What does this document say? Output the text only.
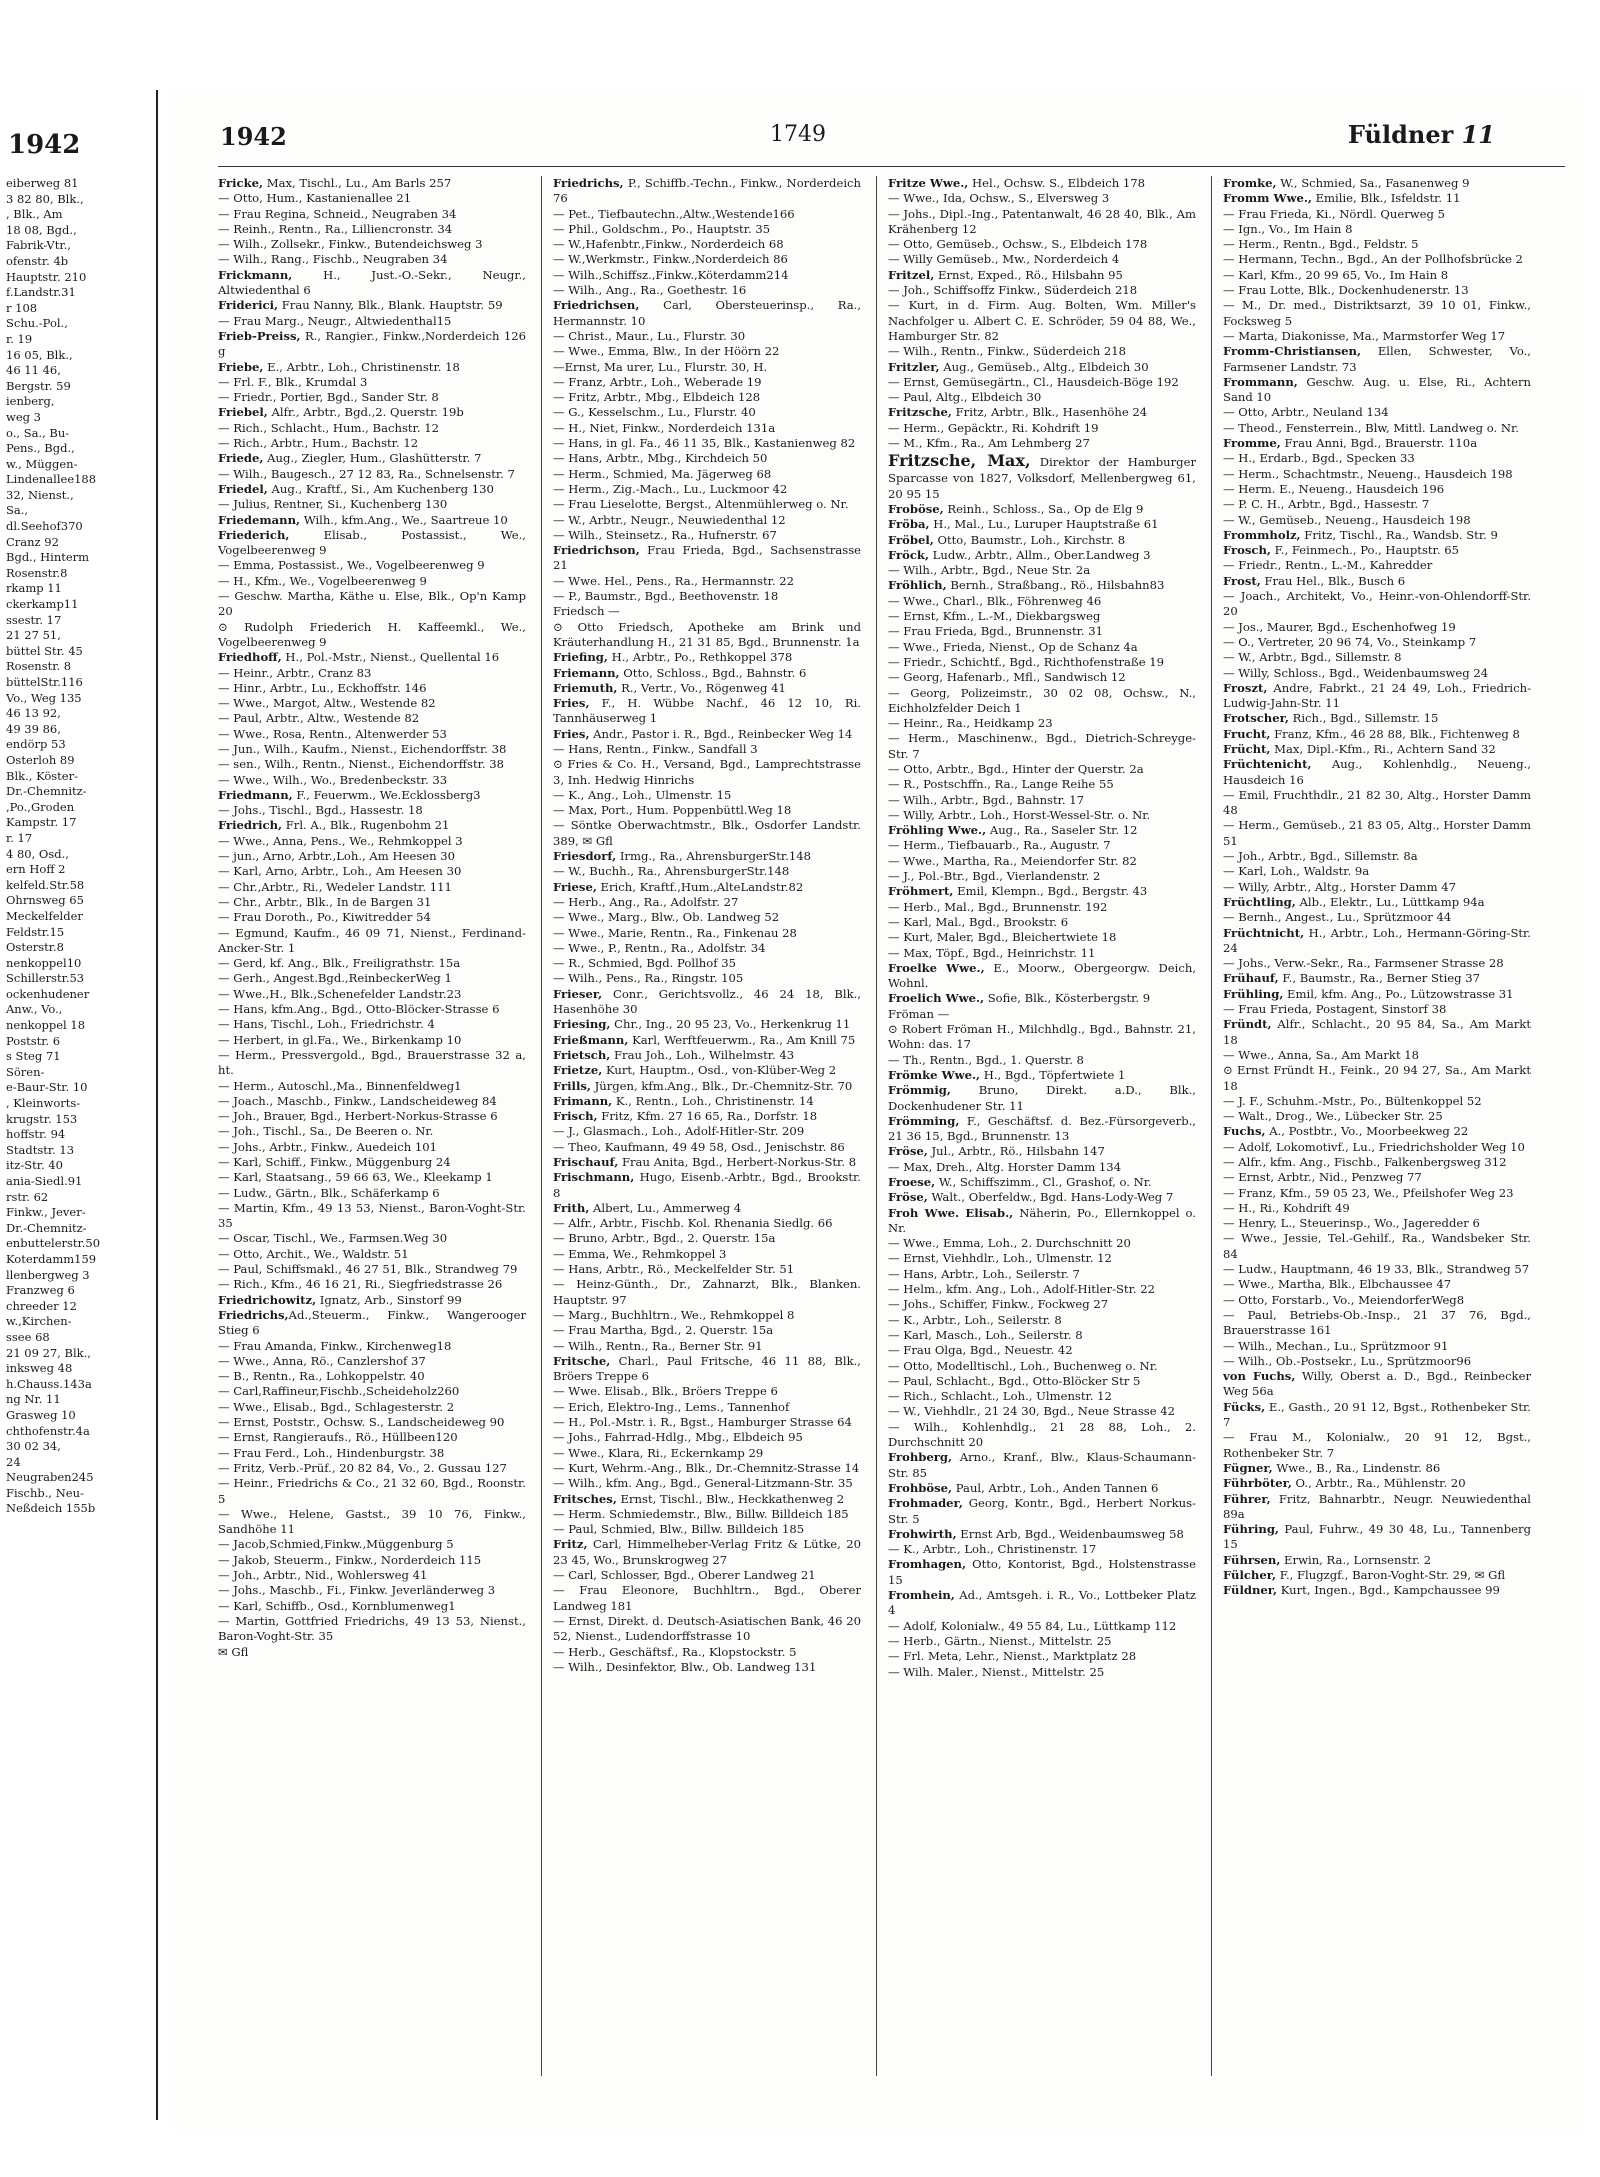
1942
eiberweg 81
3 82 80, Blk.,
, Blk., Am
18 08, Bgd.,
Fabrik-Vtr.,
ofenstr. 4b
Hauptstr. 210
f.Landstr.31
r 108
Schu.-Pol.,
r. 19
16 05, Blk.,
46 11 46,
Bergstr. 59
ienberg,
weg 3
o., Sa., Bu-
Pens., Bgd.,
w., Müggen-
Lindenallee188
32, Nienst.,
Sa.,
dl.Seehof370
Cranz 92
Bgd., Hinterm
Rosenstr.8
rkamp 11
ckerkamp11
ssestr. 17
21 27 51,
büttel Str. 45
Rosenstr. 8
büttelStr.116
Vo., Weg 135
46 13 92,
49 39 86,
endörp 53
Osterloh 89
Blk., Köster-
Dr.-Chemnitz-
,Po.,Groden
Kampstr. 17
r. 17
4 80, Osd.,
ern Hoff 2
kelfeld.Str.58
Ohrnsweg 65
Meckelfelder
Feldstr.15
Osterstr.8
nenkoppel10
Schillerstr.53
ockenhudener
Anw., Vo.,
nenkoppel 18
Poststr. 6
s Steg 71
Sören-
e-Baur-Str. 10
, Kleinworts-
krugstr. 153
hoffstr. 94
Stadtstr. 13
itz-Str. 40
ania-Siedl.91
rstr. 62
Finkw., Jever-
Dr.-Chemnitz-
enbuttelerstr.50
Koterdamm159
llenbergweg 3
Franzweg 6
chreeder 12
w.,Kirchen-
ssee 68
21 09 27, Blk.,
inksweg 48
h.Chauss.143a
ng Nr. 11
Grasweg 10
chthofenstr.4a
30 02 34,
24
Neugraben245
Fischb., Neu-
Neßdeich 155b
1942	1749	Füldner 11
Fricke, Max, Tischl., Lu., Am Barls 257
— Otto, Hum., Kastanienallee 21
— Frau Regina, Schneid., Neugraben 34
— Reinh., Rentn., Ra., Lilliencronstr. 34
— Wilh., Zollsekr., Finkw., Butendeichsweg 3
— Wilh., Rang., Fischb., Neugraben 34
Frickmann, H., Just.-O.-Sekr., Neugr., Altwiedenthal 6
Friderici, Frau Nanny, Blk., Blank. Hauptstr. 59
— Frau Marg., Neugr., Altwiedenthal15
Frieb-Preiss, R., Rangier., Finkw.,Norderdeich 126 g
Friebe, E., Arbtr., Loh., Christinenstr. 18
— Frl. F., Blk., Krumdal 3
— Friedr., Portier, Bgd., Sander Str. 8
Friebel, Alfr., Arbtr., Bgd.,2. Querstr. 19b
— Rich., Schlacht., Hum., Bachstr. 12
— Rich., Arbtr., Hum., Bachstr. 12
Friede, Aug., Ziegler, Hum., Glashütterstr. 7
— Wilh., Baugesch., 27 12 83, Ra., Schnelsenstr. 7
Friedel, Aug., Kraftf., Si., Am Kuchenberg 130
— Julius, Rentner, Si., Kuchenberg 130
Friedemann, Wilh., kfm.Ang., We., Saartreue 10
Friederich, Elisab., Postassist., We., Vogelbeerenweg 9
— Emma, Postassist., We., Vogelbeerenweg 9
— H., Kfm., We., Vogelbeerenweg 9
— Geschw. Martha, Käthe u. Else, Blk., Op'n Kamp 20
⊙ Rudolph Friederich H. Kaffeemkl., We., Vogelbeerenweg 9
Friedhoff, H., Pol.-Mstr., Nienst., Quellental 16
— Heinr., Arbtr., Cranz 83
— Hinr., Arbtr., Lu., Eckhoffstr. 146
— Wwe., Margot, Altw., Westende 82
— Paul, Arbtr., Altw., Westende 82
— Wwe., Rosa, Rentn., Altenwerder 53
— Jun., Wilh., Kaufm., Nienst., Eichendorffstr. 38
— sen., Wilh., Rentn., Nienst., Eichendorffstr. 38
— Wwe., Wilh., Wo., Bredenbeckstr. 33
Friedmann, F., Feuerwm., We.Ecklossberg3
— Johs., Tischl., Bgd., Hassestr. 18
Friedrich, Frl. A., Blk., Rugenbohm 21
— Wwe., Anna, Pens., We., Rehmkoppel 3
— jun., Arno, Arbtr.,Loh., Am Heesen 30
— Karl, Arno, Arbtr., Loh., Am Heesen 30
— Chr.,Arbtr., Ri., Wedeler Landstr. 111
— Chr., Arbtr., Blk., In de Bargen 31
— Frau Doroth., Po., Kiwitredder 54
— Egmund, Kaufm., 46 09 71, Nienst., Ferdinand-Ancker-Str. 1
— Gerd, kf. Ang., Blk., Freiligrathstr. 15a
— Gerh., Angest.Bgd.,ReinbeckerWeg 1
— Wwe.,H., Blk.,Schenefelder Landstr.23
— Hans, kfm.Ang., Bgd., Otto-Blöcker-Strasse 6
— Hans, Tischl., Loh., Friedrichstr. 4
— Herbert, in gl.Fa., We., Birkenkamp 10
— Herm., Pressvergold., Bgd., Brauerstrasse 32 a, ht.
— Herm., Autoschl.,Ma., Binnenfeldweg1
— Joach., Maschb., Finkw., Landscheideweg 84
— Joh., Brauer, Bgd., Herbert-Norkus-Strasse 6
— Joh., Tischl., Sa., De Beeren o. Nr.
— Johs., Arbtr., Finkw., Auedeich 101
— Karl, Schiff., Finkw., Müggenburg 24
— Karl, Staatsang., 59 66 63, We., Kleekamp 1
— Ludw., Gärtn., Blk., Schäferkamp 6
— Martin, Kfm., 49 13 53, Nienst., Baron-Voght-Str. 35
— Oscar, Tischl., We., Farmsen.Weg 30
— Otto, Archit., We., Waldstr. 51
— Paul, Schiffsmakl., 46 27 51, Blk., Strandweg 79
— Rich., Kfm., 46 16 21, Ri., Siegfriedstrasse 26
Friedrichowitz, Ignatz, Arb., Sinstorf 99
Friedrichs,Ad.,Steuerm., Finkw., Wangerooger Stieg 6
— Frau Amanda, Finkw., Kirchenweg18
— Wwe., Anna, Rö., Canzlershof 37
— B., Rentn., Ra., Lohkoppelstr. 40
— Carl,Raffineur,Fischb.,Scheideholz260
— Wwe., Elisab., Bgd., Schlagesterstr. 2
— Ernst, Poststr., Ochsw. S., Landscheideweg 90
— Ernst, Rangieraufs., Rö., Hüllbeen120
— Frau Ferd., Loh., Hindenburgstr. 38
— Fritz, Verb.-Prüf., 20 82 84, Vo., 2. Gussau 127
— Heinr., Friedrichs & Co., 21 32 60, Bgd., Roonstr. 5
— Wwe., Helene, Gastst., 39 10 76, Finkw., Sandhöhe 11
— Jacob,Schmied,Finkw.,Müggenburg 5
— Jakob, Steuerm., Finkw., Norderdeich 115
— Joh., Arbtr., Nid., Wohlersweg 41
— Johs., Maschb., Fi., Finkw. Jeverländerweg 3
— Karl, Schiffb., Osd., Kornblumenweg1
— Martin, Gottfried Friedrichs, 49 13 53, Nienst., Baron-Voght-Str. 35
✉ Gfl
Friedrichs, P., Schiffb.-Techn., Finkw., Norderdeich 76
— Pet., Tiefbautechn.,Altw.,Westende166
— Phil., Goldschm., Po., Hauptstr. 35
— W.,Hafenbtr.,Finkw., Norderdeich 68
— W.,Werkmstr., Finkw.,Norderdeich 86
— Wilh.,Schiffsz.,Finkw.,Köterdamm214
— Wilh., Ang., Ra., Goethestr. 16
Friedrichsen, Carl, Obersteuerinsp., Ra., Hermannstr. 10
— Christ., Maur., Lu., Flurstr. 30
— Wwe., Emma, Blw., In der Höörn 22
—Ernst, Ma urer, Lu., Flurstr. 30, H.
— Franz, Arbtr., Loh., Weberade 19
— Fritz, Arbtr., Mbg., Elbdeich 128
— G., Kesselschm., Lu., Flurstr. 40
— H., Niet, Finkw., Norderdeich 131a
— Hans, in gl. Fa., 46 11 35, Blk., Kastanienweg 82
— Hans, Arbtr., Mbg., Kirchdeich 50
— Herm., Schmied, Ma. Jägerweg 68
— Herm., Zig.-Mach., Lu., Luckmoor 42
— Frau Lieselotte, Bergst., Altenmühlerweg o. Nr.
— W., Arbtr., Neugr., Neuwiedenthal 12
— Wilh., Steinsetz., Ra., Hufnerstr. 67
Friedrichson, Frau Frieda, Bgd., Sachsenstrasse 21
— Wwe. Hel., Pens., Ra., Hermannstr. 22
— P., Baumstr., Bgd., Beethovenstr. 18
Friedsch —
⊙ Otto Friedsch, Apotheke am Brink und Kräuterhandlung H., 21 31 85, Bgd., Brunnenstr. 1a
Friefing, H., Arbtr., Po., Rethkoppel 378
Friemann, Otto, Schloss., Bgd., Bahnstr. 6
Friemuth, R., Vertr., Vo., Rögenweg 41
Fries, F., H. Wübbe Nachf., 46 12 10, Ri. Tannhäuserweg 1
Fries, Andr., Pastor i. R., Bgd., Reinbecker Weg 14
— Hans, Rentn., Finkw., Sandfall 3
⊙ Fries & Co. H., Versand, Bgd., Lamprechtstrasse 3, Inh. Hedwig Hinrichs
— K., Ang., Loh., Ulmenstr. 15
— Max, Port., Hum. Poppenbüttl.Weg 18
— Söntke Oberwachtmstr., Blk., Osdorfer Landstr. 389, ✉ Gfl
Friesdorf, Irmg., Ra., AhrensburgerStr.148
— W., Buchh., Ra., AhrensburgerStr.148
Friese, Erich, Kraftf.,Hum.,AlteLandstr.82
— Herb., Ang., Ra., Adolfstr. 27
— Wwe., Marg., Blw., Ob. Landweg 52
— Wwe., Marie, Rentn., Ra., Finkenau 28
— Wwe., P., Rentn., Ra., Adolfstr. 34
— R., Schmied, Bgd. Pollhof 35
— Wilh., Pens., Ra., Ringstr. 105
Frieser, Conr., Gerichtsvollz., 46 24 18, Blk., Hasenhöhe 30
Friesing, Chr., Ing., 20 95 23, Vo., Herkenkrug 11
Frießmann, Karl, Werftfeuerwm., Ra., Am Knill 75
Frietsch, Frau Joh., Loh., Wilhelmstr. 43
Frietze, Kurt, Hauptm., Osd., von-Klüber-Weg 2
Frills, Jürgen, kfm.Ang., Blk., Dr.-Chemnitz-Str. 70
Frimann, K., Rentn., Loh., Christinenstr. 14
Frisch, Fritz, Kfm. 27 16 65, Ra., Dorfstr. 18
— J., Glasmach., Loh., Adolf-Hitler-Str. 209
— Theo, Kaufmann, 49 49 58, Osd., Jenischstr. 86
Frischauf, Frau Anita, Bgd., Herbert-Norkus-Str. 8
Frischmann, Hugo, Eisenb.-Arbtr., Bgd., Brookstr. 8
Frith, Albert, Lu., Ammerweg 4
— Alfr., Arbtr., Fischb. Kol. Rhenania Siedlg. 66
— Bruno, Arbtr., Bgd., 2. Querstr. 15a
— Emma, We., Rehmkoppel 3
— Hans, Arbtr., Rö., Meckelfelder Str. 51
— Heinz-Günth., Dr., Zahnarzt, Blk., Blanken. Hauptstr. 97
— Marg., Buchhltrn., We., Rehmkoppel 8
— Frau Martha, Bgd., 2. Querstr. 15a
— Wilh., Rentn., Ra., Berner Str. 91
Fritsche, Charl., Paul Fritsche, 46 11 88, Blk., Bröers Treppe 6
— Wwe. Elisab., Blk., Bröers Treppe 6
— Erich, Elektro-Ing., Lems., Tannenhof
— H., Pol.-Mstr. i. R., Bgst., Hamburger Strasse 64
— Johs., Fahrrad-Hdlg., Mbg., Elbdeich 95
— Wwe., Klara, Ri., Eckernkamp 29
— Kurt, Wehrm.-Ang., Blk., Dr.-Chemnitz-Strasse 14
— Wilh., kfm. Ang., Bgd., General-Litzmann-Str. 35
Fritsches, Ernst, Tischl., Blw., Heckkathenweg 2
— Herm. Schmiedemstr., Blw., Billw. Billdeich 185
— Paul, Schmied, Blw., Billw. Billdeich 185
Fritz, Carl, Himmelheber-Verlag Fritz & Lütke, 20 23 45, Wo., Brunskrogweg 27
— Carl, Schlosser, Bgd., Oberer Landweg 21
— Frau Eleonore, Buchhltrn., Bgd., Oberer Landweg 181
— Ernst, Direkt. d. Deutsch-Asiatischen Bank, 46 20 52, Nienst., Ludendorffstrasse 10
— Herb., Geschäftsf., Ra., Klopstockstr. 5
— Wilh., Desinfektor, Blw., Ob. Landweg 131
Fritze Wwe., Hel., Ochsw. S., Elbdeich 178
— Wwe., Ida, Ochsw., S., Elversweg 3
— Johs., Dipl.-Ing., Patentanwalt, 46 28 40, Blk., Am Krähenberg 12
— Otto, Gemüseb., Ochsw., S., Elbdeich 178
— Willy Gemüseb., Mw., Norderdeich 4
Fritzel, Ernst, Exped., Rö., Hilsbahn 95
— Joh., Schiffsoffz Finkw., Süderdeich 218
— Kurt, in d. Firm. Aug. Bolten, Wm. Miller's Nachfolger u. Albert C. E. Schröder, 59 04 88, We., Hamburger Str. 82
— Wilh., Rentn., Finkw., Süderdeich 218
Fritzler, Aug., Gemüseb., Altg., Elbdeich 30
— Ernst, Gemüsegärtn., Cl., Hausdeich-Böge 192
— Paul, Altg., Elbdeich 30
Fritzsche, Fritz, Arbtr., Blk., Hasenhöhe 24
— Herm., Gepäcktr., Ri. Kohdrift 19
— M., Kfm., Ra., Am Lehmberg 27
Fritzsche, Max, Direktor der Hamburger Sparcasse von 1827, Volksdorf, Mellenbergweg 61, 20 95 15
Froböse, Reinh., Schloss., Sa., Op de Elg 9
Fröba, H., Mal., Lu., Luruper Hauptstraße 61
Fröbel, Otto, Baumstr., Loh., Kirchstr. 8
Fröck, Ludw., Arbtr., Allm., Ober.Landweg 3
— Wilh., Arbtr., Bgd., Neue Str. 2a
Fröhlich, Bernh., Straßbang., Rö., Hilsbahn83
— Wwe., Charl., Blk., Föhrenweg 46
— Ernst, Kfm., L.-M., Diekbargsweg
— Frau Frieda, Bgd., Brunnenstr. 31
— Wwe., Frieda, Nienst., Op de Schanz 4a
— Friedr., Schichtf., Bgd., Richthofenstraße 19
— Georg, Hafenarb., Mfl., Sandwisch 12
— Georg, Polizeimstr., 30 02 08, Ochsw., N., Eichholzfelder Deich 1
— Heinr., Ra., Heidkamp 23
— Herm., Maschinenw., Bgd., Dietrich-Schreyge-Str. 7
— Otto, Arbtr., Bgd., Hinter der Querstr. 2a
— R., Postschffn., Ra., Lange Reihe 55
— Wilh., Arbtr., Bgd., Bahnstr. 17
— Willy, Arbtr., Loh., Horst-Wessel-Str. o. Nr.
Fröhling Wwe., Aug., Ra., Saseler Str. 12
— Herm., Tiefbauarb., Ra., Augustr. 7
— Wwe., Martha, Ra., Meiendorfer Str. 82
— J., Pol.-Btr., Bgd., Vierlandenstr. 2
Fröhmert, Emil, Klempn., Bgd., Bergstr. 43
— Herb., Mal., Bgd., Brunnenstr. 192
— Karl, Mal., Bgd., Brookstr. 6
— Kurt, Maler, Bgd., Bleichertwiete 18
— Max, Töpf., Bgd., Heinrichstr. 11
Froelke Wwe., E., Moorw., Obergeorgw. Deich, Wohnl.
Froelich Wwe., Sofie, Blk., Kösterbergstr. 9
Fröman —
⊙ Robert Fröman H., Milchhdlg., Bgd., Bahnstr. 21, Wohn: das. 17
— Th., Rentn., Bgd., 1. Querstr. 8
Frömke Wwe., H., Bgd., Töpfertwiete 1
Frömmig, Bruno, Direkt. a.D., Blk., Dockenhudener Str. 11
Frömming, F., Geschäftsf. d. Bez.-Fürsorgeverb., 21 36 15, Bgd., Brunnenstr. 13
Fröse, Jul., Arbtr., Rö., Hilsbahn 147
— Max, Dreh., Altg. Horster Damm 134
Froese, W., Schiffszimm., Cl., Grashof, o. Nr.
Fröse, Walt., Oberfeldw., Bgd. Hans-Lody-Weg 7
Froh Wwe. Elisab., Näherin, Po., Ellernkoppel o. Nr.
— Wwe., Emma, Loh., 2. Durchschnitt 20
— Ernst, Viehhdlr., Loh., Ulmenstr. 12
— Hans, Arbtr., Loh., Seilerstr. 7
— Helm., kfm. Ang., Loh., Adolf-Hitler-Str. 22
— Johs., Schiffer, Finkw., Fockweg 27
— K., Arbtr., Loh., Seilerstr. 8
— Karl, Masch., Loh., Seilerstr. 8
— Frau Olga, Bgd., Neuestr. 42
— Otto, Modelltischl., Loh., Buchenweg o. Nr.
— Paul, Schlacht., Bgd., Otto-Blöcker Str 5
— Rich., Schlacht., Loh., Ulmenstr. 12
— W., Viehhdlr., 21 24 30, Bgd., Neue Strasse 42
— Wilh., Kohlenhdlg., 21 28 88, Loh., 2. Durchschnitt 20
Frohberg, Arno., Kranf., Blw., Klaus-Schaumann-Str. 85
Frohböse, Paul, Arbtr., Loh., Anden Tannen 6
Frohmader, Georg, Kontr., Bgd., Herbert Norkus-Str. 5
Frohwirth, Ernst Arb, Bgd., Weidenbaumsweg 58
— K., Arbtr., Loh., Christinenstr. 17
Fromhagen, Otto, Kontorist, Bgd., Holstenstrasse 15
Fromhein, Ad., Amtsgeh. i. R., Vo., Lottbeker Platz 4
— Adolf, Kolonialw., 49 55 84, Lu., Lüttkamp 112
— Herb., Gärtn., Nienst., Mittelstr. 25
— Frl. Meta, Lehr., Nienst., Marktplatz 28
— Wilh. Maler., Nienst., Mittelstr. 25
Fromke, W., Schmied, Sa., Fasanenweg 9
Fromm Wwe., Emilie, Blk., Isfeldstr. 11
— Frau Frieda, Ki., Nördl. Querweg 5
— Ign., Vo., Im Hain 8
— Herm., Rentn., Bgd., Feldstr. 5
— Hermann, Techn., Bgd., An der Pollhofsbrücke 2
— Karl, Kfm., 20 99 65, Vo., Im Hain 8
— Frau Lotte, Blk., Dockenhudenerstr. 13
— M., Dr. med., Distriktsarzt, 39 10 01, Finkw., Focksweg 5
— Marta, Diakonisse, Ma., Marmstorfer Weg 17
Fromm-Christiansen, Ellen, Schwester, Vo., Farmsener Landstr. 73
Frommann, Geschw. Aug. u. Else, Ri., Achtern Sand 10
— Otto, Arbtr., Neuland 134
— Theod., Fensterrein., Blw, Mittl. Landweg o. Nr.
Fromme, Frau Anni, Bgd., Brauerstr. 110a
— H., Erdarb., Bgd., Specken 33
— Herm., Schachtmstr., Neueng., Hausdeich 198
— Herm. E., Neueng., Hausdeich 196
— P. C. H., Arbtr., Bgd., Hassestr. 7
— W., Gemüseb., Neueng., Hausdeich 198
Frommholz, Fritz, Tischl., Ra., Wandsb. Str. 9
Frosch, F., Feinmech., Po., Hauptstr. 65
— Friedr., Rentn., L.-M., Kahredder
Frost, Frau Hel., Blk., Busch 6
— Joach., Architekt, Vo., Heinr.-von-Ohlendorff-Str. 20
— Jos., Maurer, Bgd., Eschenhofweg 19
— O., Vertreter, 20 96 74, Vo., Steinkamp 7
— W., Arbtr., Bgd., Sillemstr. 8
— Willy, Schloss., Bgd., Weidenbaumsweg 24
Froszt, Andre, Fabrkt., 21 24 49, Loh., Friedrich-Ludwig-Jahn-Str. 11
Frotscher, Rich., Bgd., Sillemstr. 15
Frucht, Franz, Kfm., 46 28 88, Blk., Fichtenweg 8
Frücht, Max, Dipl.-Kfm., Ri., Achtern Sand 32
Früchtenicht, Aug., Kohlenhdlg., Neueng., Hausdeich 16
— Emil, Fruchthdlr., 21 82 30, Altg., Horster Damm 48
— Herm., Gemüseb., 21 83 05, Altg., Horster Damm 51
— Joh., Arbtr., Bgd., Sillemstr. 8a
— Karl, Loh., Waldstr. 9a
— Willy, Arbtr., Altg., Horster Damm 47
Früchtling, Alb., Elektr., Lu., Lüttkamp 94a
— Bernh., Angest., Lu., Sprützmoor 44
Früchtnicht, H., Arbtr., Loh., Hermann-Göring-Str. 24
— Johs., Verw.-Sekr., Ra., Farmsener Strasse 28
Frühauf, F., Baumstr., Ra., Berner Stieg 37
Frühling, Emil, kfm. Ang., Po., Lützowstrasse 31
— Frau Frieda, Postagent, Sinstorf 38
Fründt, Alfr., Schlacht., 20 95 84, Sa., Am Markt 18
— Wwe., Anna, Sa., Am Markt 18
⊙ Ernst Fründt H., Feink., 20 94 27, Sa., Am Markt 18
— J. F., Schuhm.-Mstr., Po., Bültenkoppel 52
— Walt., Drog., We., Lübecker Str. 25
Fuchs, A., Postbtr., Vo., Moorbeekweg 22
— Adolf, Lokomotivf., Lu., Friedrichsholder Weg 10
— Alfr., kfm. Ang., Fischb., Falkenbergsweg 312
— Ernst, Arbtr., Nid., Penzweg 77
— Franz, Kfm., 59 05 23, We., Pfeilshofer Weg 23
— H., Ri., Kohdrift 49
— Henry, L., Steuerinsp., Wo., Jageredder 6
— Wwe., Jessie, Tel.-Gehilf., Ra., Wandsbeker Str. 84
— Ludw., Hauptmann, 46 19 33, Blk., Strandweg 57
— Wwe., Martha, Blk., Elbchaussee 47
— Otto, Forstarb., Vo., MeiendorferWeg8
— Paul, Betriebs-Ob.-Insp., 21 37 76, Bgd., Brauerstrasse 161
— Wilh., Mechan., Lu., Sprützmoor 91
— Wilh., Ob.-Postsekr., Lu., Sprützmoor96
von Fuchs, Willy, Oberst a. D., Bgd., Reinbecker Weg 56a
Fücks, E., Gasth., 20 91 12, Bgst., Rothenbeker Str. 7
— Frau M., Kolonialw., 20 91 12, Bgst., Rothenbeker Str. 7
Fügner, Wwe., B., Ra., Lindenstr. 86
Führböter, O., Arbtr., Ra., Mühlenstr. 20
Führer, Fritz, Bahnarbtr., Neugr. Neuwiedenthal 89a
Führing, Paul, Fuhrw., 49 30 48, Lu., Tannenberg 15
Führsen, Erwin, Ra., Lornsenstr. 2
Fülcher, F., Flugzgf., Baron-Voght-Str. 29, ✉ Gfl
Füldner, Kurt, Ingen., Bgd., Kampchaussee 99
